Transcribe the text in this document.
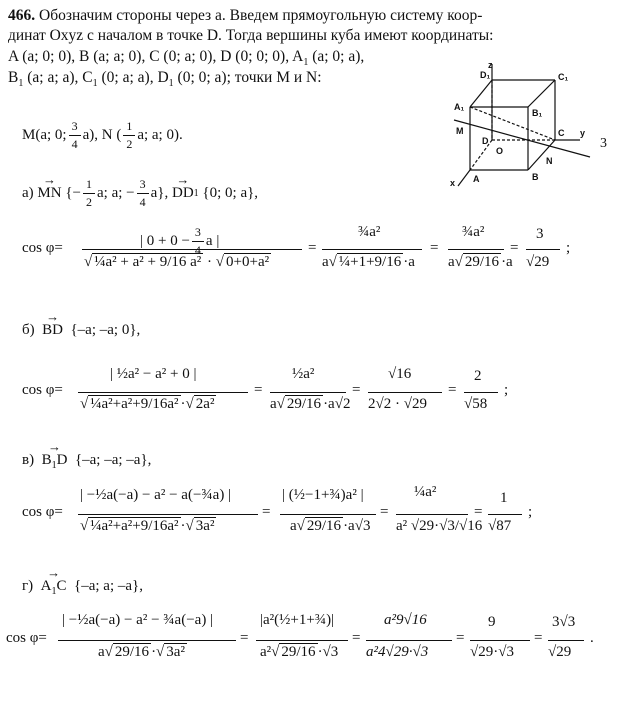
466. Обозначим стороны через a. Введем прямоугольную систему коор-
динат Oxyz с началом в точке D. Тогда вершины куба имеют координаты:
A (a; 0; 0), B (a; a; 0), C (0; a; 0), D (0; 0; 0), $A_1$ (a; 0; a),
$B_1$ (a; a; a), $C_1$ (0; a; a), $D_1$ (0; 0; a); точки M и N:
M(a; 0; $\frac{3}{4} a$), N ( $\frac{1}{2} a$; a; 0).
D₁	C₁
A₁
B₁
M
D
O
C y
z
A	B
N
x
3
а)
→ MN
{− $\frac{1}{2} a$; a; − $\frac{3}{4} a$}, → DD 1
{0; 0; a},
cos φ=	| $0 + 0 - \frac{3}{4}$ a |
√ ¼a² + a² + 9/16 a² · √ 0+0+a²
=
¾a²
a√ ¼+1+9/16 ·a
=
¾a²
a√ 29/16 ·a
=
3
√29
;
б) → BD {–a; –a; 0},
cos φ=
| ½a² − a² + 0 |
√ ¼a²+a²+9/16a² ·√ 2a²
=
½a²
a√ 29/16 ·a√2
=
√16
2√2 · √29
=
2
√58
;
$в) \to B_1D$ {–a; –a; –a},
cos φ=
| −½a(−a) − a² − a(−¾a) |
√ ¼a²+a²+9/16a² ·√ 3a²
=
| (½−1+¾)a² |
a√ 29/16 ·a√3
=
¼a²
a² √29·√3/√16
=
1
√87
;
$г) \to A_1C$ {–a; a; –a},
cos φ=
| −½a(−a) − a² − ¾a(−a) |
a√ 29/16 ·√ 3a²
=
|a²(½+1+¾)|
a²√ 29/16 ·√3
=
a²9√16
a²4√29·√3
=
9
√29·√3
=
3√3
√29
.
